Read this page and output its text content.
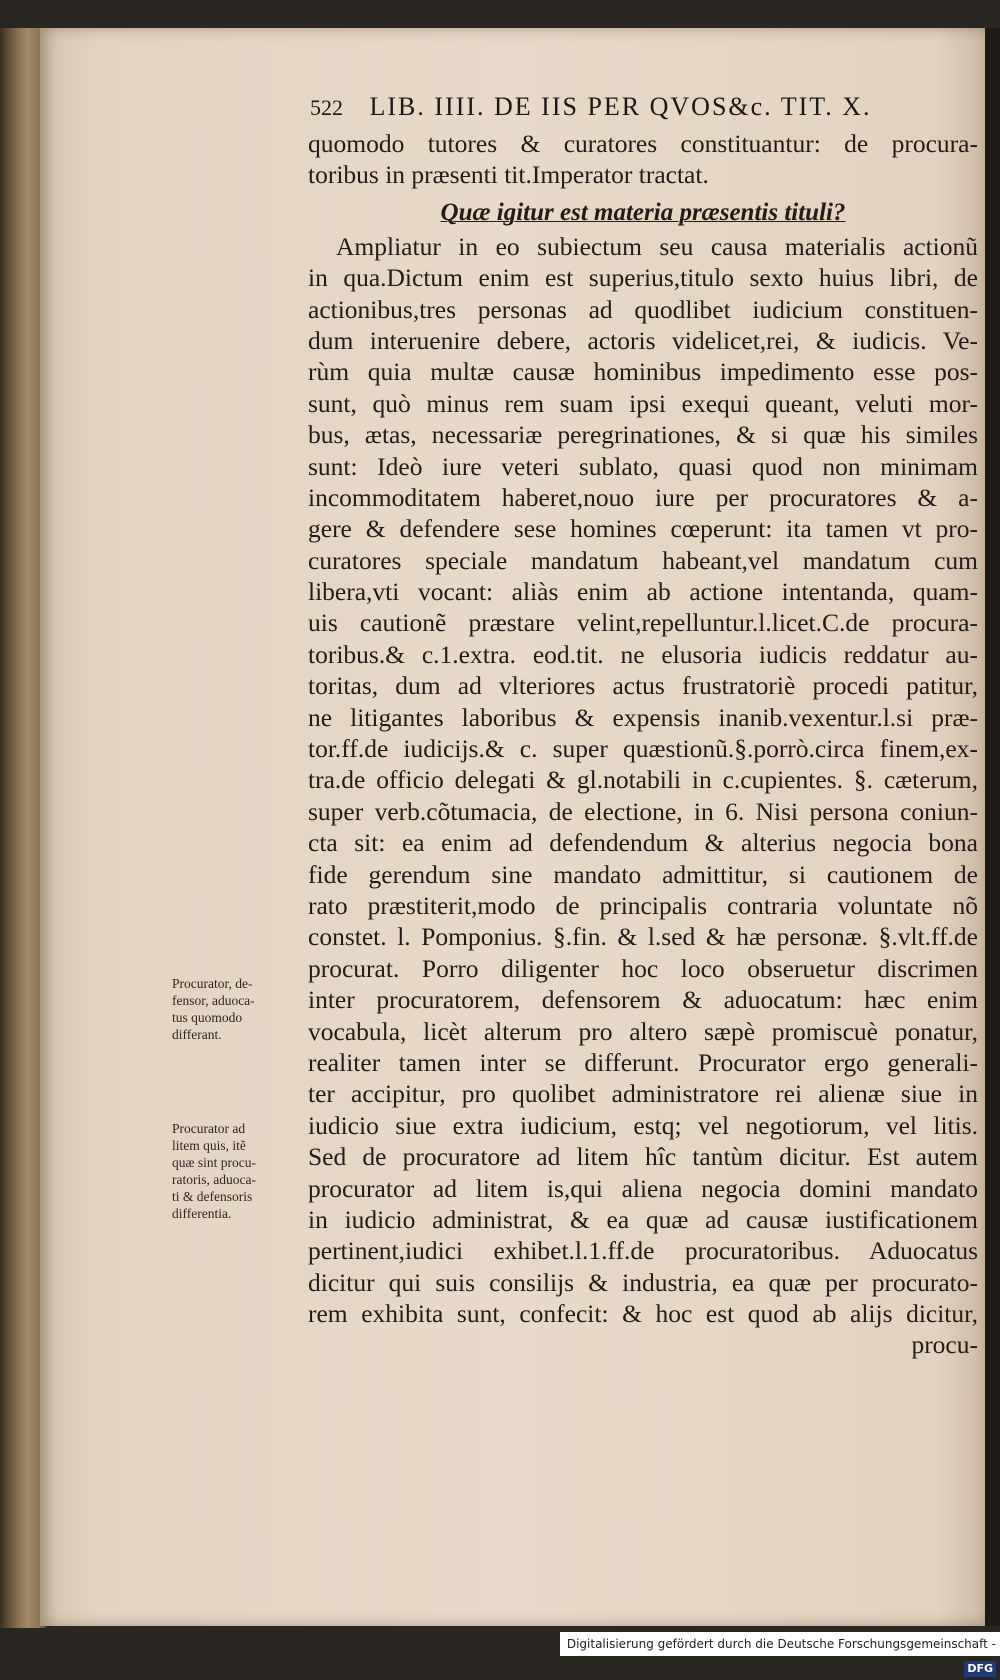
522 LIB. IIII. DE IIS PER QVOS&c. TIT. X.
quomodo tutores & curatores constituantur: de procura-
toribus in præsenti tit.Imperator tractat.
Quæ igitur est materia præsentis tituli?
Ampliatur in eo subiectum seu causa materialis actionũ
in qua.Dictum enim est superius,titulo sexto huius libri, de
actionibus,tres personas ad quodlibet iudicium constituen-
dum interuenire debere, actoris videlicet,rei, & iudicis. Ve-
rùm quia multæ causæ hominibus impedimento esse pos-
sunt, quò minus rem suam ipsi exequi queant, veluti mor-
bus, ætas, necessariæ peregrinationes, & si quæ his similes
sunt: Ideò iure veteri sublato, quasi quod non minimam
incommoditatem haberet,nouo iure per procuratores & a-
gere & defendere sese homines cœperunt: ita tamen vt pro-
curatores speciale mandatum habeant,vel mandatum cum
libera,vti vocant: aliàs enim ab actione intentanda, quam-
uis cautionẽ præstare velint,repelluntur.l.licet.C.de procura-
toribus.& c.1.extra. eod.tit. ne elusoria iudicis reddatur au-
toritas, dum ad vlteriores actus frustratoriè procedi patitur,
ne litigantes laboribus & expensis inanib.vexentur.l.si præ-
tor.ff.de iudicijs.& c. super quæstionũ.§.porrò.circa finem,ex-
tra.de officio delegati & gl.notabili in c.cupientes. §. cæterum,
super verb.cõtumacia, de electione, in 6. Nisi persona coniun-
cta sit: ea enim ad defendendum & alterius negocia bona
fide gerendum sine mandato admittitur, si cautionem de
rato præstiterit,modo de principalis contraria voluntate nõ
constet. l. Pomponius. §.fin. & l.sed & hæ personæ. §.vlt.ff.de
procurat. Porro diligenter hoc loco obseruetur discrimen
inter procuratorem, defensorem & aduocatum: hæc enim
vocabula, licèt alterum pro altero sæpè promiscuè ponatur,
realiter tamen inter se differunt. Procurator ergo generali-
ter accipitur, pro quolibet administratore rei alienæ siue in
iudicio siue extra iudicium, estq; vel negotiorum, vel litis.
Sed de procuratore ad litem hîc tantùm dicitur. Est autem
procurator ad litem is,qui aliena negocia domini mandato
in iudicio administrat, & ea quæ ad causæ iustificationem
pertinent,iudici exhibet.l.1.ff.de procuratoribus. Aduocatus
dicitur qui suis consilijs & industria, ea quæ per procurato-
rem exhibita sunt, confecit: & hoc est quod ab alijs dicitur,
procu-
Procurator, de-
fensor, aduoca-
tus quomodo
differant.
Procurator ad
litem quis, itẽ
quæ sint procu-
ratoris, aduoca-
ti & defensoris
differentia.
Digitalisierung gefördert durch die Deutsche Forschungsgemeinschaft - DFG
